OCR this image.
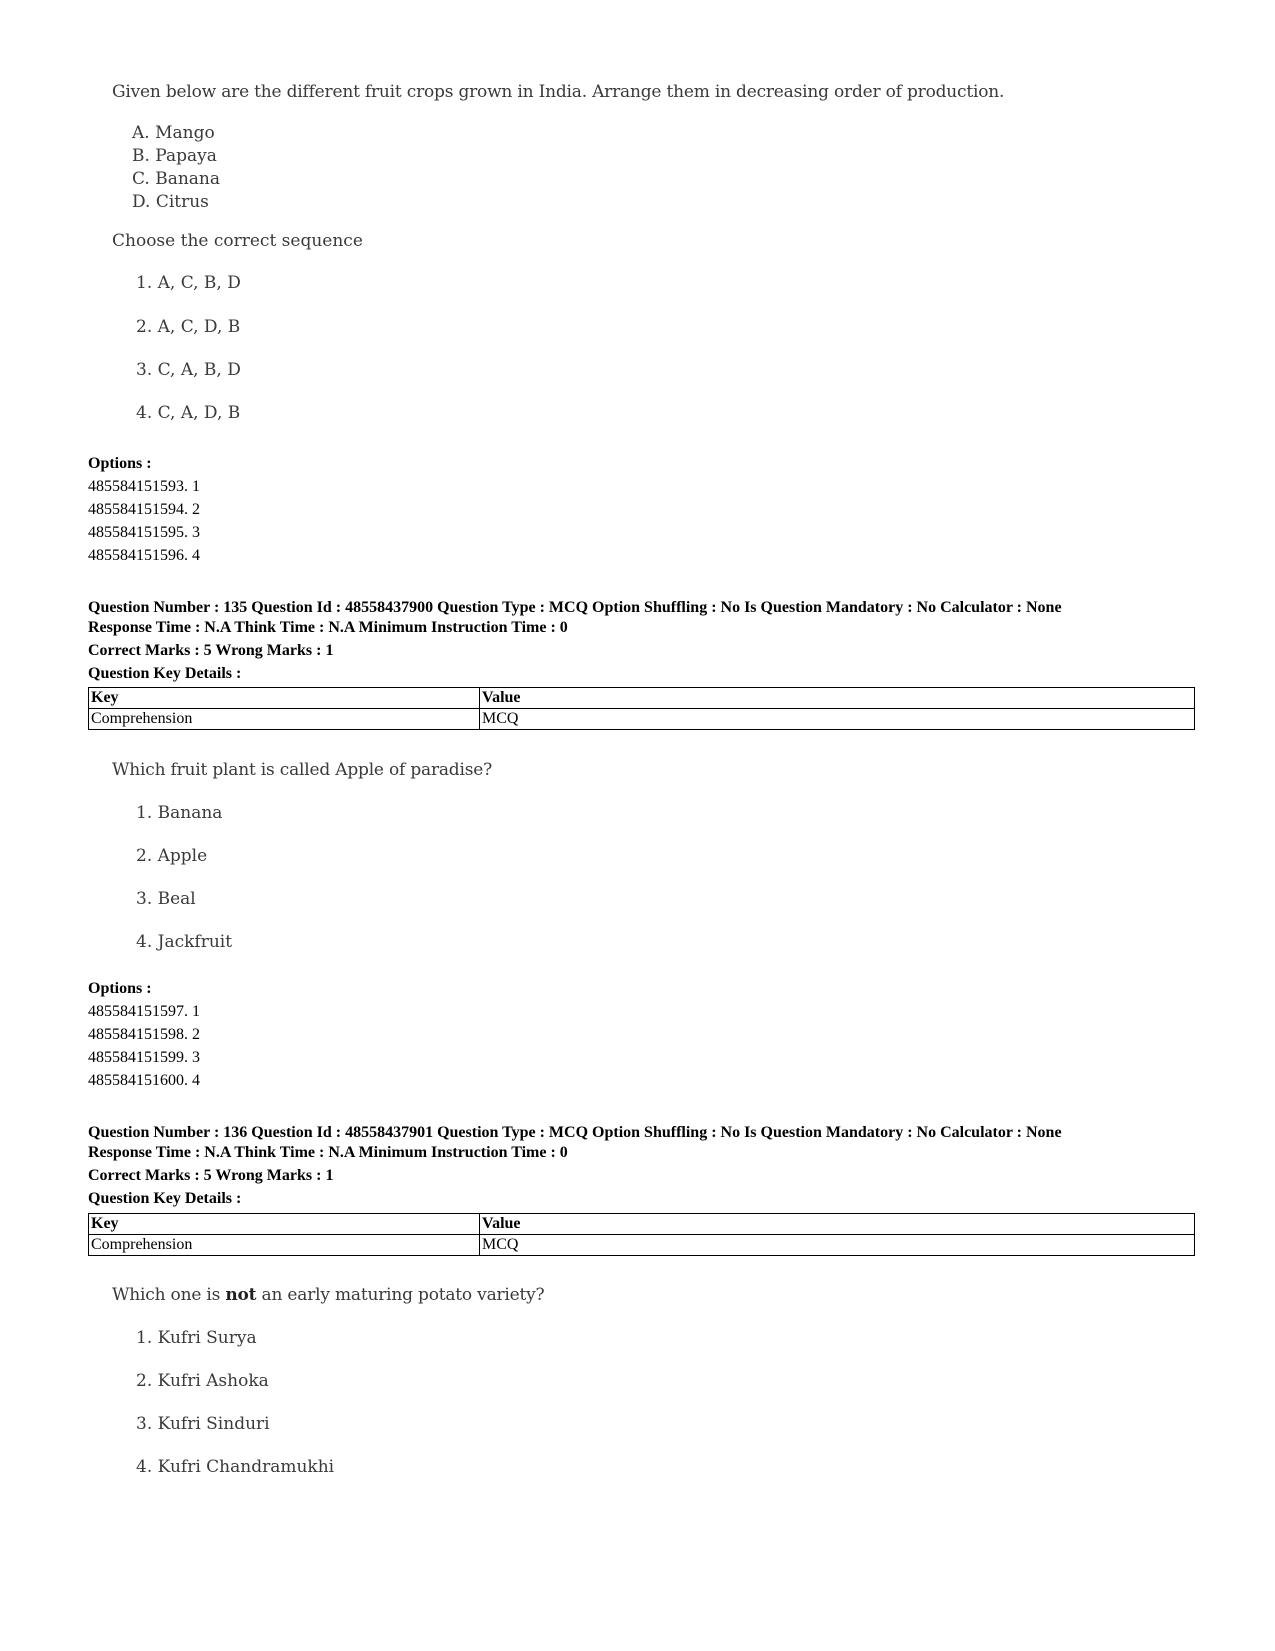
Given below are the different fruit crops grown in India. Arrange them in decreasing order of production.
A. Mango
B. Papaya
C. Banana
D. Citrus
Choose the correct sequence
1. A, C, B, D
2. A, C, D, B
3. C, A, B, D
4. C, A, D, B
Options :
485584151593. 1
485584151594. 2
485584151595. 3
485584151596. 4
Question Number : 135 Question Id : 48558437900 Question Type : MCQ Option Shuffling : No Is Question Mandatory : No Calculator : None
Response Time : N.A Think Time : N.A Minimum Instruction Time : 0
Correct Marks : 5 Wrong Marks : 1
Question Key Details :
Key	Value
Comprehension	MCQ
Which fruit plant is called Apple of paradise?
1. Banana
2. Apple
3. Beal
4. Jackfruit
Options :
485584151597. 1
485584151598. 2
485584151599. 3
485584151600. 4
Question Number : 136 Question Id : 48558437901 Question Type : MCQ Option Shuffling : No Is Question Mandatory : No Calculator : None
Response Time : N.A Think Time : N.A Minimum Instruction Time : 0
Correct Marks : 5 Wrong Marks : 1
Question Key Details :
Key	Value
Comprehension	MCQ
Which one is not an early maturing potato variety?
1. Kufri Surya
2. Kufri Ashoka
3. Kufri Sinduri
4. Kufri Chandramukhi
